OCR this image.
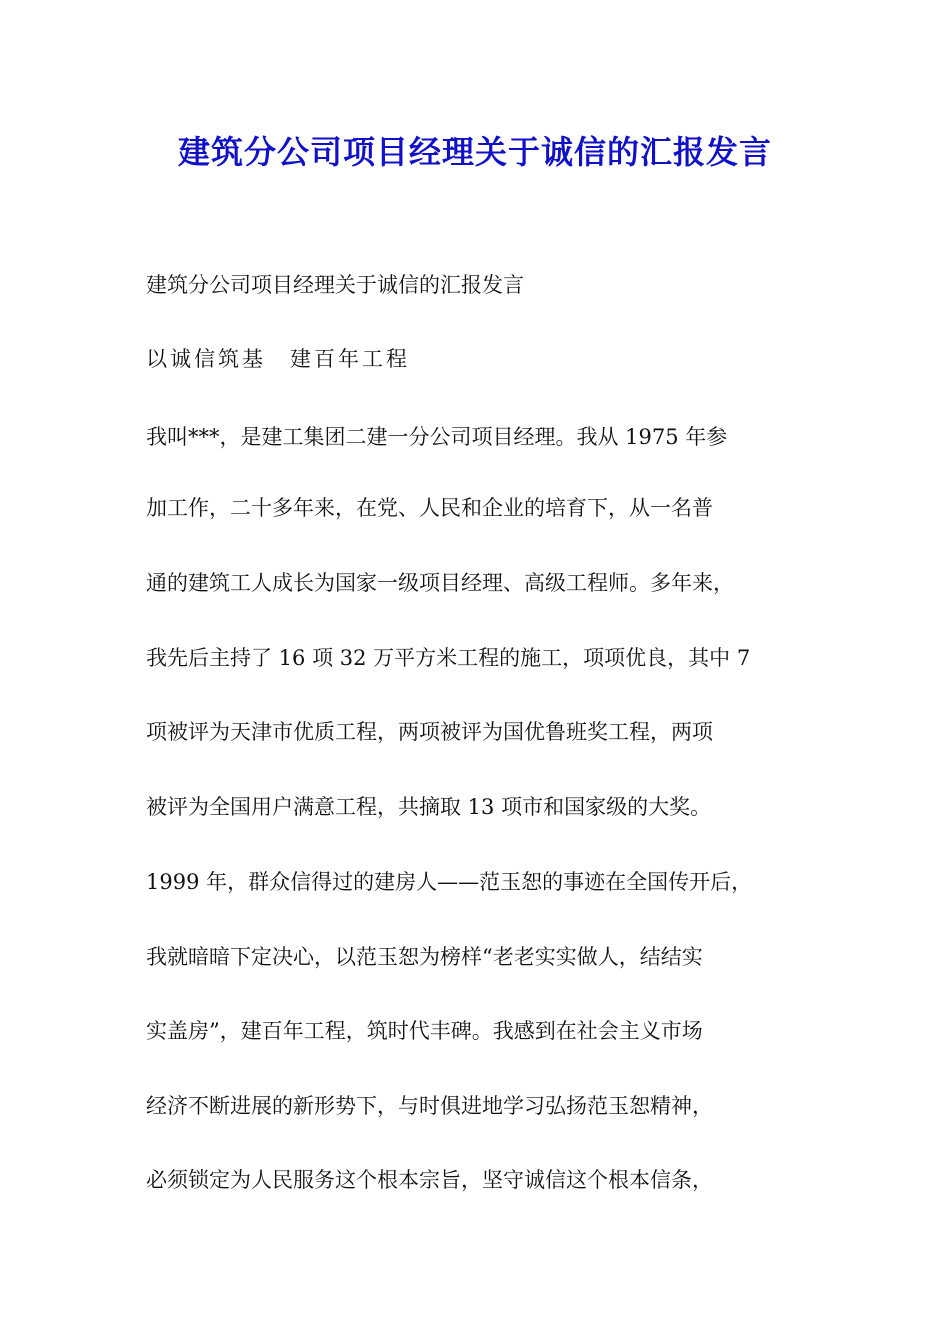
建筑分公司项目经理关于诚信的汇报发言

建筑分公司项目经理关于诚信的汇报发言

以诚信筑基　建百年工程

我叫***，是建工集团二建一分公司项目经理。我从 1975 年参

加工作，二十多年来，在党、人民和企业的培育下，从一名普

通的建筑工人成长为国家一级项目经理、高级工程师。多年来，

我先后主持了 16 项 32 万平方米工程的施工，项项优良，其中 7

项被评为天津市优质工程，两项被评为国优鲁班奖工程，两项

被评为全国用户满意工程，共摘取 13 项市和国家级的大奖。

1999 年，群众信得过的建房人——范玉恕的事迹在全国传开后，

我就暗暗下定决心，以范玉恕为榜样“老老实实做人，结结实

实盖房”，建百年工程，筑时代丰碑。我感到在社会主义市场

经济不断进展的新形势下，与时俱进地学习弘扬范玉恕精神，

必须锁定为人民服务这个根本宗旨，坚守诚信这个根本信条，
